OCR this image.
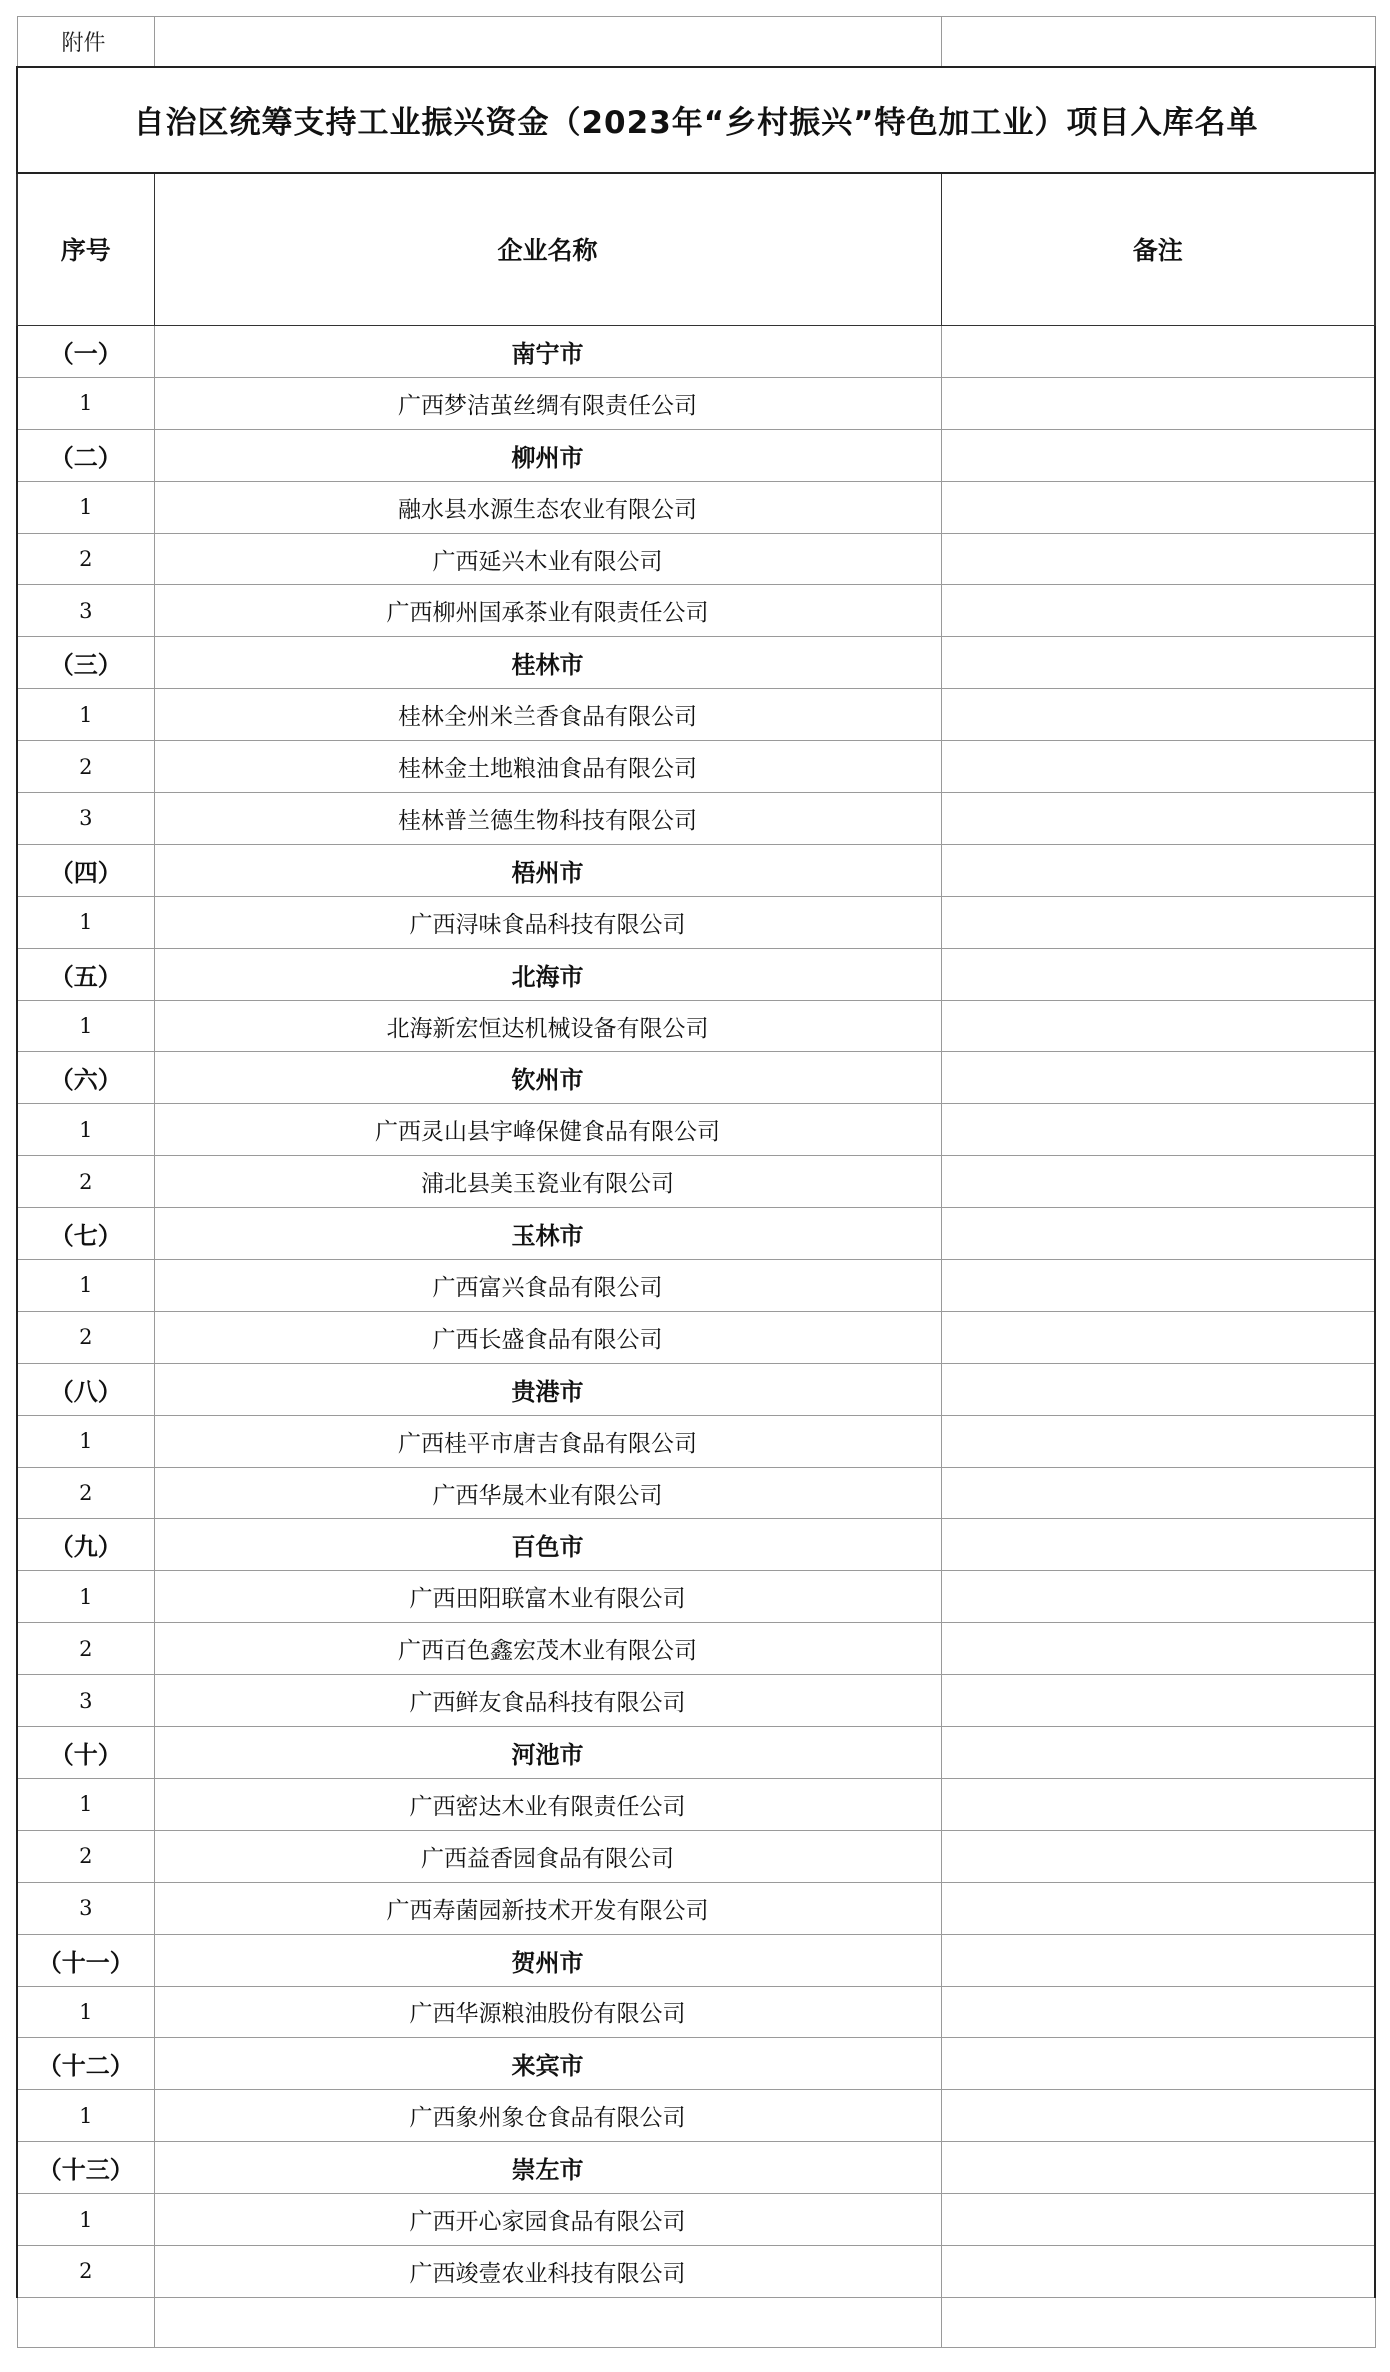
附件		
自治区统筹支持工业振兴资金（2023年“乡村振兴”特色加工业）项目入库名单		
序号	企业名称	备注
（一）	南宁市	
1	广西梦洁茧丝绸有限责任公司	
（二）	柳州市	
1	融水县水源生态农业有限公司	
2	广西延兴木业有限公司	
3	广西柳州国承茶业有限责任公司	
（三）	桂林市	
1	桂林全州米兰香食品有限公司	
2	桂林金土地粮油食品有限公司	
3	桂林普兰德生物科技有限公司	
（四）	梧州市	
1	广西浔味食品科技有限公司	
（五）	北海市	
1	北海新宏恒达机械设备有限公司	
（六）	钦州市	
1	广西灵山县宇峰保健食品有限公司	
2	浦北县美玉瓷业有限公司	
（七）	玉林市	
1	广西富兴食品有限公司	
2	广西长盛食品有限公司	
（八）	贵港市	
1	广西桂平市唐吉食品有限公司	
2	广西华晟木业有限公司	
（九）	百色市	
1	广西田阳联富木业有限公司	
2	广西百色鑫宏茂木业有限公司	
3	广西鲜友食品科技有限公司	
（十）	河池市	
1	广西密达木业有限责任公司	
2	广西益香园食品有限公司	
3	广西寿菌园新技术开发有限公司	
（十一）	贺州市	
1	广西华源粮油股份有限公司	
（十二）	来宾市	
1	广西象州象仓食品有限公司	
（十三）	崇左市	
1	广西开心家园食品有限公司	
2	广西竣壹农业科技有限公司	
